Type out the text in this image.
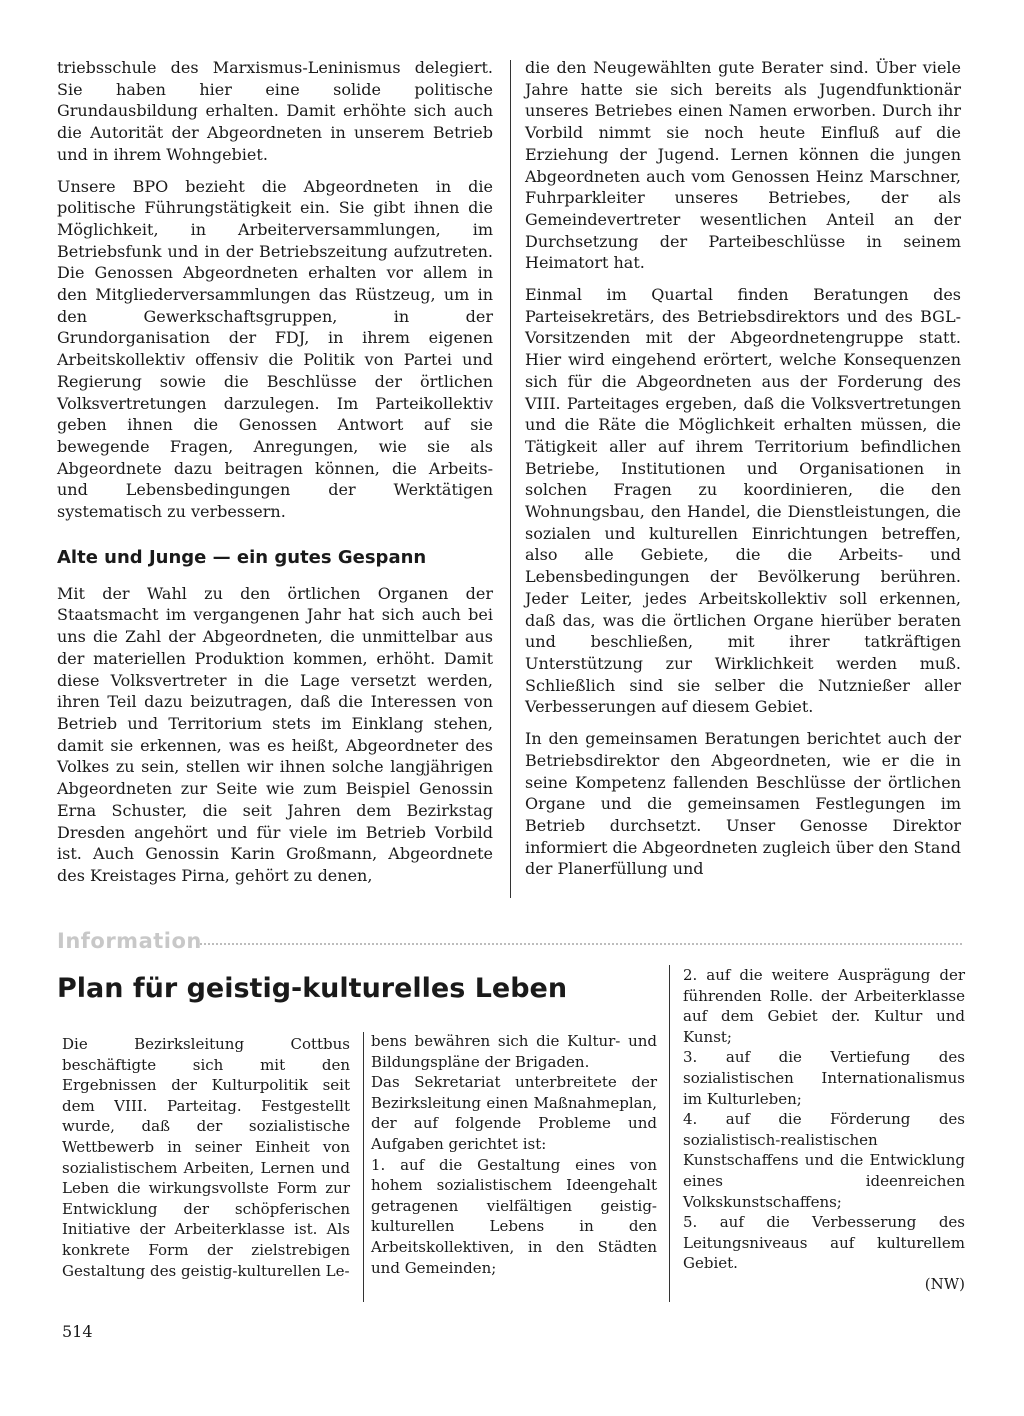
triebsschule des Marxismus-Leninismus delegiert. Sie haben hier eine solide politische Grundausbildung erhalten. Damit erhöhte sich auch die Autorität der Abgeordneten in unserem Betrieb und in ihrem Wohngebiet.

Unsere BPO bezieht die Abgeordneten in die politische Führungstätigkeit ein. Sie gibt ihnen die Möglichkeit, in Arbeiterversammlungen, im Betriebsfunk und in der Betriebszeitung aufzutreten. Die Genossen Abgeordneten erhalten vor allem in den Mitgliederversammlungen das Rüstzeug, um in den Gewerkschaftsgruppen, in der Grundorganisation der FDJ, in ihrem eigenen Arbeitskollektiv offensiv die Politik von Partei und Regierung sowie die Beschlüsse der örtlichen Volksvertretungen darzulegen. Im Parteikollektiv geben ihnen die Genossen Antwort auf sie bewegende Fragen, Anregungen, wie sie als Abgeordnete dazu beitragen können, die Arbeits- und Lebensbedingungen der Werktätigen systematisch zu verbessern.

Alte und Junge — ein gutes Gespann

Mit der Wahl zu den örtlichen Organen der Staatsmacht im vergangenen Jahr hat sich auch bei uns die Zahl der Abgeordneten, die unmittelbar aus der materiellen Produktion kommen, erhöht. Damit diese Volksvertreter in die Lage versetzt werden, ihren Teil dazu beizutragen, daß die Interessen von Betrieb und Territorium stets im Einklang stehen, damit sie erkennen, was es heißt, Abgeordneter des Volkes zu sein, stellen wir ihnen solche langjährigen Abgeordneten zur Seite wie zum Beispiel Genossin Erna Schuster, die seit Jahren dem Bezirkstag Dresden angehört und für viele im Betrieb Vorbild ist. Auch Genossin Karin Großmann, Abgeordnete des Kreistages Pirna, gehört zu denen,

die den Neugewählten gute Berater sind. Über viele Jahre hatte sie sich bereits als Jugendfunktionär unseres Betriebes einen Namen erworben. Durch ihr Vorbild nimmt sie noch heute Einfluß auf die Erziehung der Jugend. Lernen können die jungen Abgeordneten auch vom Genossen Heinz Marschner, Fuhrparkleiter unseres Betriebes, der als Gemeindevertreter wesentlichen Anteil an der Durchsetzung der Parteibeschlüsse in seinem Heimatort hat.

Einmal im Quartal finden Beratungen des Parteisekretärs, des Betriebsdirektors und des BGL-Vorsitzenden mit der Abgeordnetengruppe statt. Hier wird eingehend erörtert, welche Konsequenzen sich für die Abgeordneten aus der Forderung des VIII. Parteitages ergeben, daß die Volksvertretungen und die Räte die Möglichkeit erhalten müssen, die Tätigkeit aller auf ihrem Territorium befindlichen Betriebe, Institutionen und Organisationen in solchen Fragen zu koordinieren, die den Wohnungsbau, den Handel, die Dienstleistungen, die sozialen und kulturellen Einrichtungen betreffen, also alle Gebiete, die die Arbeits- und Lebensbedingungen der Bevölkerung berühren. Jeder Leiter, jedes Arbeitskollektiv soll erkennen, daß das, was die örtlichen Organe hierüber beraten und beschließen, mit ihrer tatkräftigen Unterstützung zur Wirklichkeit werden muß. Schließlich sind sie selber die Nutznießer aller Verbesserungen auf diesem Gebiet.

In den gemeinsamen Beratungen berichtet auch der Betriebsdirektor den Abgeordneten, wie er die in seine Kompetenz fallenden Beschlüsse der örtlichen Organe und die gemeinsamen Festlegungen im Betrieb durchsetzt. Unser Genosse Direktor informiert die Abgeordneten zugleich über den Stand der Planerfüllung und

Information
Plan für geistig-kulturelles Leben

Die Bezirksleitung Cottbus beschäftigte sich mit den Ergebnissen der Kulturpolitik seit dem VIII. Parteitag. Festgestellt wurde, daß der sozialistische Wettbewerb in seiner Einheit von sozialistischem Arbeiten, Lernen und Leben die wirkungsvollste Form zur Entwicklung der schöpferischen Initiative der Arbeiterklasse ist. Als konkrete Form der zielstrebigen Gestaltung des geistig-kulturellen Le-

bens bewähren sich die Kultur- und Bildungspläne der Brigaden.

Das Sekretariat unterbreitete der Bezirksleitung einen Maßnahmeplan, der auf folgende Probleme und Aufgaben gerichtet ist:

1. auf die Gestaltung eines von hohem sozialistischem Ideengehalt getragenen vielfältigen geistig-kulturellen Lebens in den Arbeitskollektiven, in den Städten und Gemeinden;

2. auf die weitere Ausprägung der führenden Rolle. der Arbeiterklasse auf dem Gebiet der. Kultur und Kunst;

3. auf die Vertiefung des sozialistischen Internationalismus im Kulturleben;

4. auf die Förderung des sozialistisch-realistischen Kunstschaffens und die Entwicklung eines ideenreichen Volkskunstschaffens;

5. auf die Verbesserung des Leitungsniveaus auf kulturellem Gebiet.

(NW)

514
